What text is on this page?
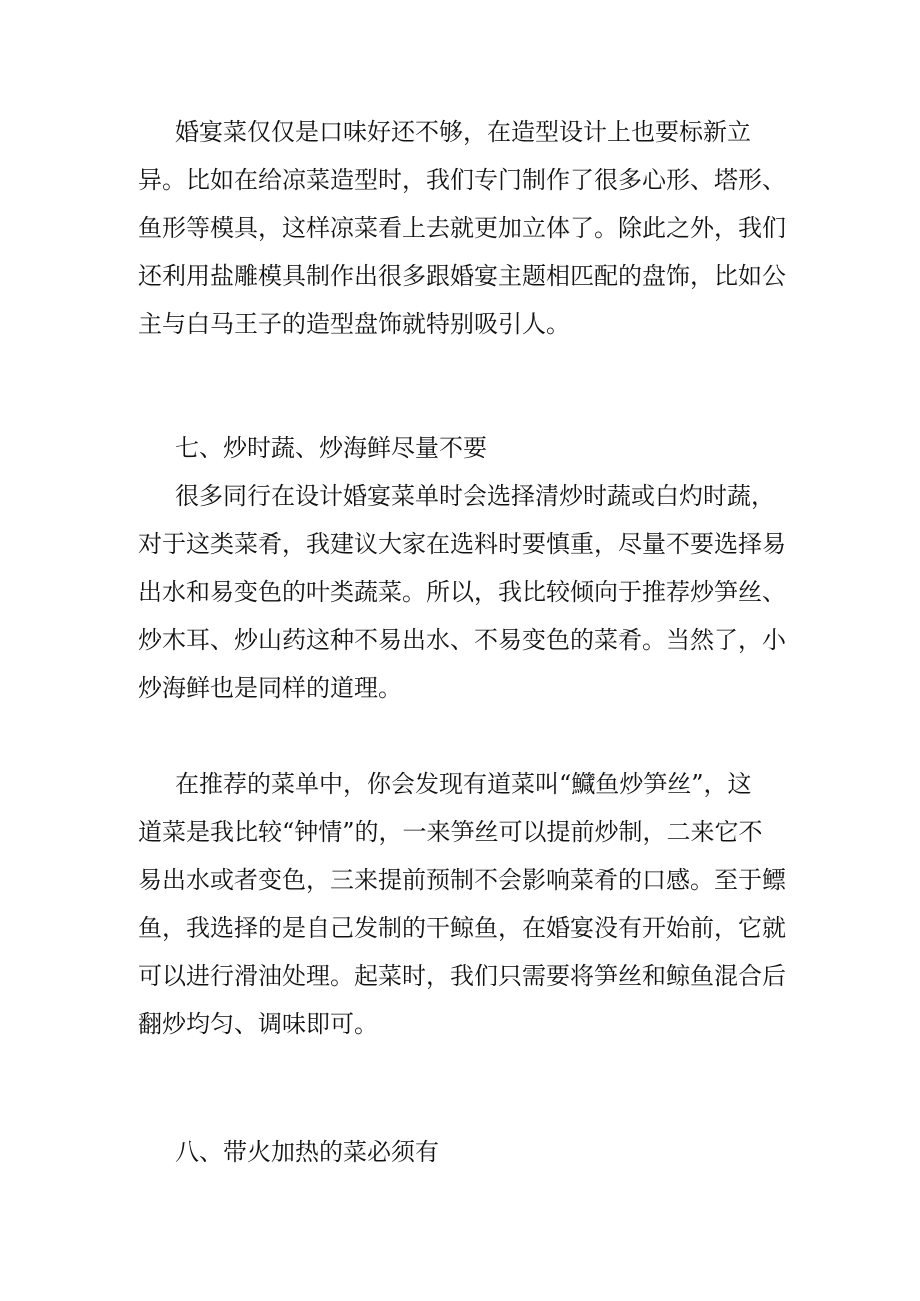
婚宴菜仅仅是口味好还不够，在造型设计上也要标新立

异。比如在给凉菜造型时，我们专门制作了很多心形、塔形、

鱼形等模具，这样凉菜看上去就更加立体了。除此之外，我们

还利用盐雕模具制作出很多跟婚宴主题相匹配的盘饰，比如公

主与白马王子的造型盘饰就特别吸引人。

七、炒时蔬、炒海鲜尽量不要

很多同行在设计婚宴菜单时会选择清炒时蔬或白灼时蔬，

对于这类菜肴，我建议大家在选料时要慎重，尽量不要选择易

出水和易变色的叶类蔬菜。所以，我比较倾向于推荐炒笋丝、

炒木耳、炒山药这种不易出水、不易变色的菜肴。当然了，小

炒海鲜也是同样的道理。

在推荐的菜单中，你会发现有道菜叫“鱵鱼炒笋丝”，这

道菜是我比较“钟情”的，一来笋丝可以提前炒制，二来它不

易出水或者变色，三来提前预制不会影响菜肴的口感。至于鳔

鱼，我选择的是自己发制的干鲸鱼，在婚宴没有开始前，它就

可以进行滑油处理。起菜时，我们只需要将笋丝和鲸鱼混合后

翻炒均匀、调味即可。

八、带火加热的菜必须有
